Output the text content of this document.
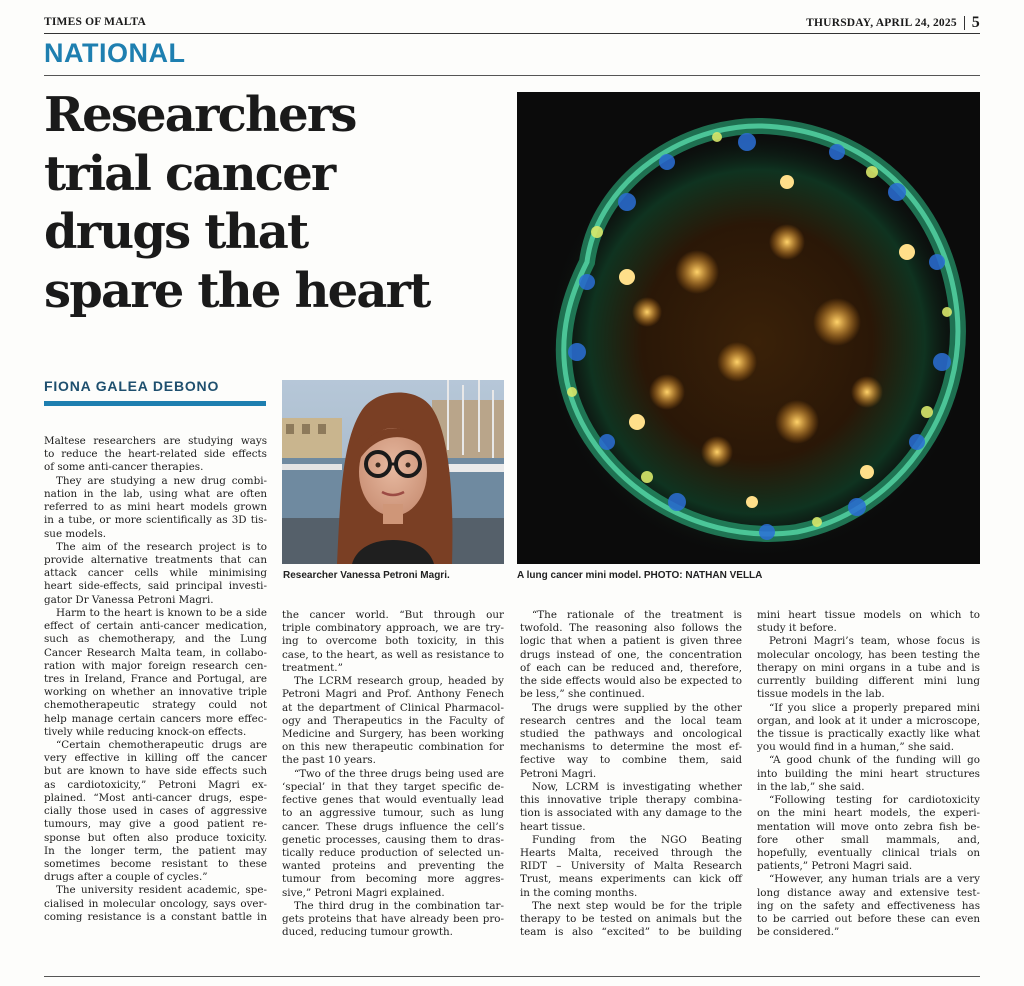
TIMES OF MALTA	THURSDAY, APRIL 24, 2025 5
NATIONAL
Researchers
trial cancer
drugs that
spare the heart
FIONA GALEA DEBONO
Researcher Vanessa Petroni Magri.	A lung cancer mini model. PHOTO: NATHAN VELLA
Maltese researchers are studying ways
to reduce the heart-related side effects
of some anti-cancer therapies.
They are studying a new drug combi-
nation in the lab, using what are often
referred to as mini heart models grown
in a tube, or more scientifically as 3D tis-
sue models.
The aim of the research project is to
provide alternative treatments that can
attack cancer cells while minimising
heart side-effects, said principal investi-
gator Dr Vanessa Petroni Magri.
Harm to the heart is known to be a side
effect of certain anti-cancer medication,
such as chemotherapy, and the Lung
Cancer Research Malta team, in collabo-
ration with major foreign research cen-
tres in Ireland, France and Portugal, are
working on whether an innovative triple
chemotherapeutic strategy could not
help manage certain cancers more effec-
tively while reducing knock-on effects.
“Certain chemotherapeutic drugs are
very effective in killing off the cancer
but are known to have side effects such
as cardiotoxicity,” Petroni Magri ex-
plained. “Most anti-cancer drugs, espe-
cially those used in cases of aggressive
tumours, may give a good patient re-
sponse but often also produce toxicity.
In the longer term, the patient may
sometimes become resistant to these
drugs after a couple of cycles.”
The university resident academic, spe-
cialised in molecular oncology, says over-
coming resistance is a constant battle in
the cancer world. “But through our
triple combinatory approach, we are try-
ing to overcome both toxicity, in this
case, to the heart, as well as resistance to
treatment.”
The LCRM research group, headed by
Petroni Magri and Prof. Anthony Fenech
at the department of Clinical Pharmacol-
ogy and Therapeutics in the Faculty of
Medicine and Surgery, has been working
on this new therapeutic combination for
the past 10 years.
“Two of the three drugs being used are
‘special’ in that they target specific de-
fective genes that would eventually lead
to an aggressive tumour, such as lung
cancer. These drugs influence the cell’s
genetic processes, causing them to dras-
tically reduce production of selected un-
wanted proteins and preventing the
tumour from becoming more aggres-
sive,” Petroni Magri explained.
The third drug in the combination tar-
gets proteins that have already been pro-
duced, reducing tumour growth.
“The rationale of the treatment is
twofold. The reasoning also follows the
logic that when a patient is given three
drugs instead of one, the concentration
of each can be reduced and, therefore,
the side effects would also be expected to
be less,” she continued.
The drugs were supplied by the other
research centres and the local team
studied the pathways and oncological
mechanisms to determine the most ef-
fective way to combine them, said
Petroni Magri.
Now, LCRM is investigating whether
this innovative triple therapy combina-
tion is associated with any damage to the
heart tissue.
Funding from the NGO Beating
Hearts Malta, received through the
RIDT – University of Malta Research
Trust, means experiments can kick off
in the coming months.
The next step would be for the triple
therapy to be tested on animals but the
team is also “excited” to be building
mini heart tissue models on which to
study it before.
Petroni Magri’s team, whose focus is
molecular oncology, has been testing the
therapy on mini organs in a tube and is
currently building different mini lung
tissue models in the lab.
“If you slice a properly prepared mini
organ, and look at it under a microscope,
the tissue is practically exactly like what
you would find in a human,” she said.
“A good chunk of the funding will go
into building the mini heart structures
in the lab,” she said.
“Following testing for cardiotoxicity
on the mini heart models, the experi-
mentation will move onto zebra fish be-
fore other small mammals, and,
hopefully, eventually clinical trials on
patients,” Petroni Magri said.
“However, any human trials are a very
long distance away and extensive test-
ing on the safety and effectiveness has
to be carried out before these can even
be considered.”
